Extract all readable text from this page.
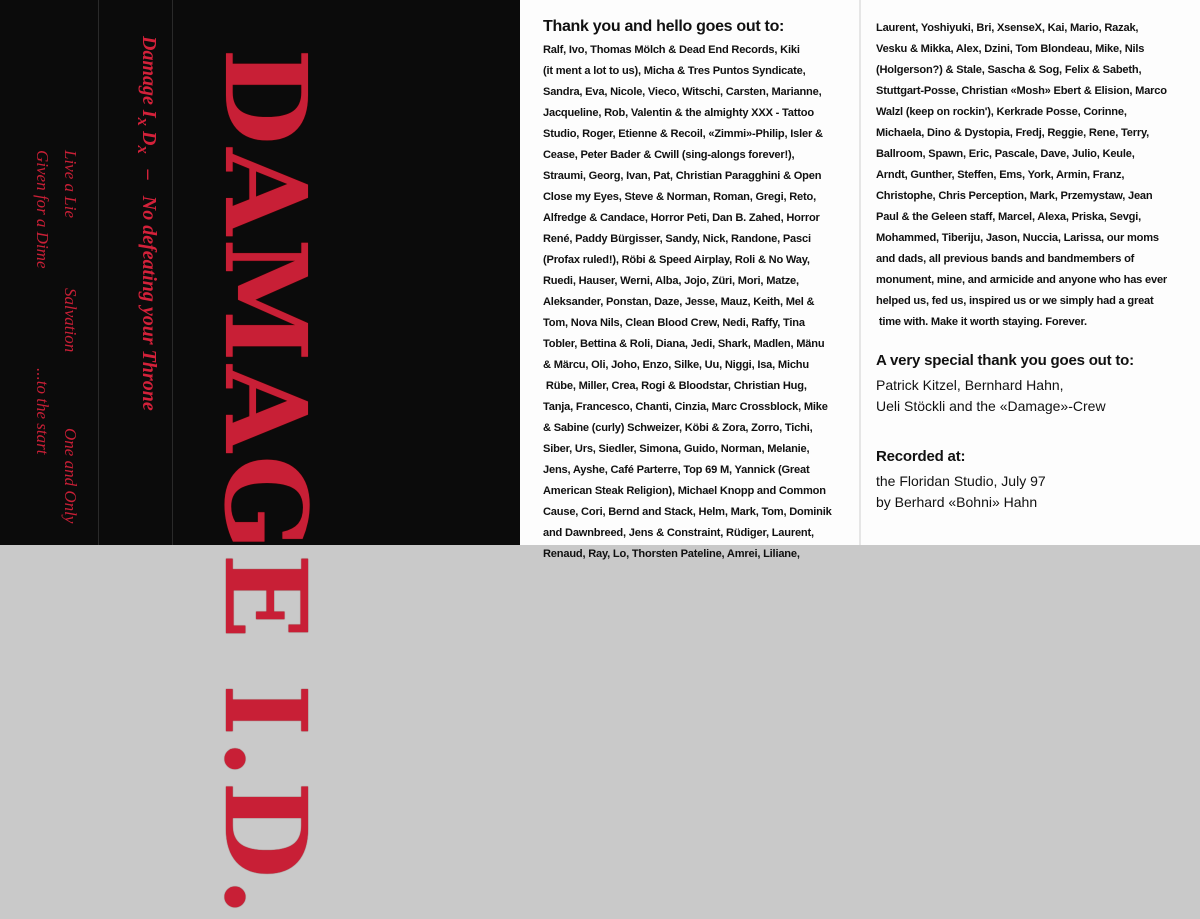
Damage $I_x$ $D_x-No$ defeating your Throne
Live a LieSalvationOne and Only
Given for a Dime...to the start DAMAGE I.D.

Thank you and hello goes out to:

Ralf, Ivo, Thomas Mölch & Dead End Records, Kiki
(it ment a lot to us), Micha & Tres Puntos Syndicate,
Sandra, Eva, Nicole, Vieco, Witschi, Carsten, Marianne,
Jacqueline, Rob, Valentin & the almighty XXX - Tattoo
Studio, Roger, Etienne & Recoil, «Zimmi»-Philip, Isler &
Cease, Peter Bader & Cwill (sing-alongs forever!),
Straumi, Georg, Ivan, Pat, Christian Paragghini & Open
Close my Eyes, Steve & Norman, Roman, Gregi, Reto,
Alfredge & Candace, Horror Peti, Dan B. Zahed, Horror
René, Paddy Bürgisser, Sandy, Nick, Randone, Pasci
(Profax ruled!), Röbi & Speed Airplay, Roli & No Way,
Ruedi, Hauser, Werni, Alba, Jojo, Züri, Mori, Matze,
Aleksander, Ponstan, Daze, Jesse, Mauz, Keith, Mel &
Tom, Nova Nils, Clean Blood Crew, Nedi, Raffy, Tina
Tobler, Bettina & Roli, Diana, Jedi, Shark, Madlen, Mänu
& Märcu, Oli, Joho, Enzo, Silke, Uu, Niggi, Isa, Michu
Rübe, Miller, Crea, Rogi & Bloodstar, Christian Hug,
Tanja, Francesco, Chanti, Cinzia, Marc Crossblock, Mike
& Sabine (curly) Schweizer, Köbi & Zora, Zorro, Tichi,
Siber, Urs, Siedler, Simona, Guido, Norman, Melanie,
Jens, Ayshe, Café Parterre, Top 69 M, Yannick (Great
American Steak Religion), Michael Knopp and Common
Cause, Cori, Bernd and Stack, Helm, Mark, Tom, Dominik
and Dawnbreed, Jens & Constraint, Rüdiger, Laurent,
Renaud, Ray, Lo, Thorsten Pateline, Amrei, Liliane,
Laurent, Yoshiyuki, Bri, XsenseX, Kai, Mario, Razak,
Vesku & Mikka, Alex, Dzini, Tom Blondeau, Mike, Nils
(Holgerson?) & Stale, Sascha & Sog, Felix & Sabeth,
Stuttgart-Posse, Christian «Mosh» Ebert & Elision, Marco
Walzl (keep on rockin'), Kerkrade Posse, Corinne,
Michaela, Dino & Dystopia, Fredj, Reggie, Rene, Terry,
Ballroom, Spawn, Eric, Pascale, Dave, Julio, Keule,
Arndt, Gunther, Steffen, Ems, York, Armin, Franz,
Christophe, Chris Perception, Mark, Przemystaw, Jean
Paul & the Geleen staff, Marcel, Alexa, Priska, Sevgi,
Mohammed, Tiberiju, Jason, Nuccia, Larissa, our moms
and dads, all previous bands and bandmembers of
monument, mine, and armicide and anyone who has ever
helped us, fed us, inspired us or we simply had a great
time with. Make it worth staying. Forever.

A very special thank you goes out to:

Patrick Kitzel, Bernhard Hahn,

Ueli Stöckli and the «Damage»-Crew

Recorded at:

the Floridan Studio, July 97

by Berhard «Bohni» Hahn
